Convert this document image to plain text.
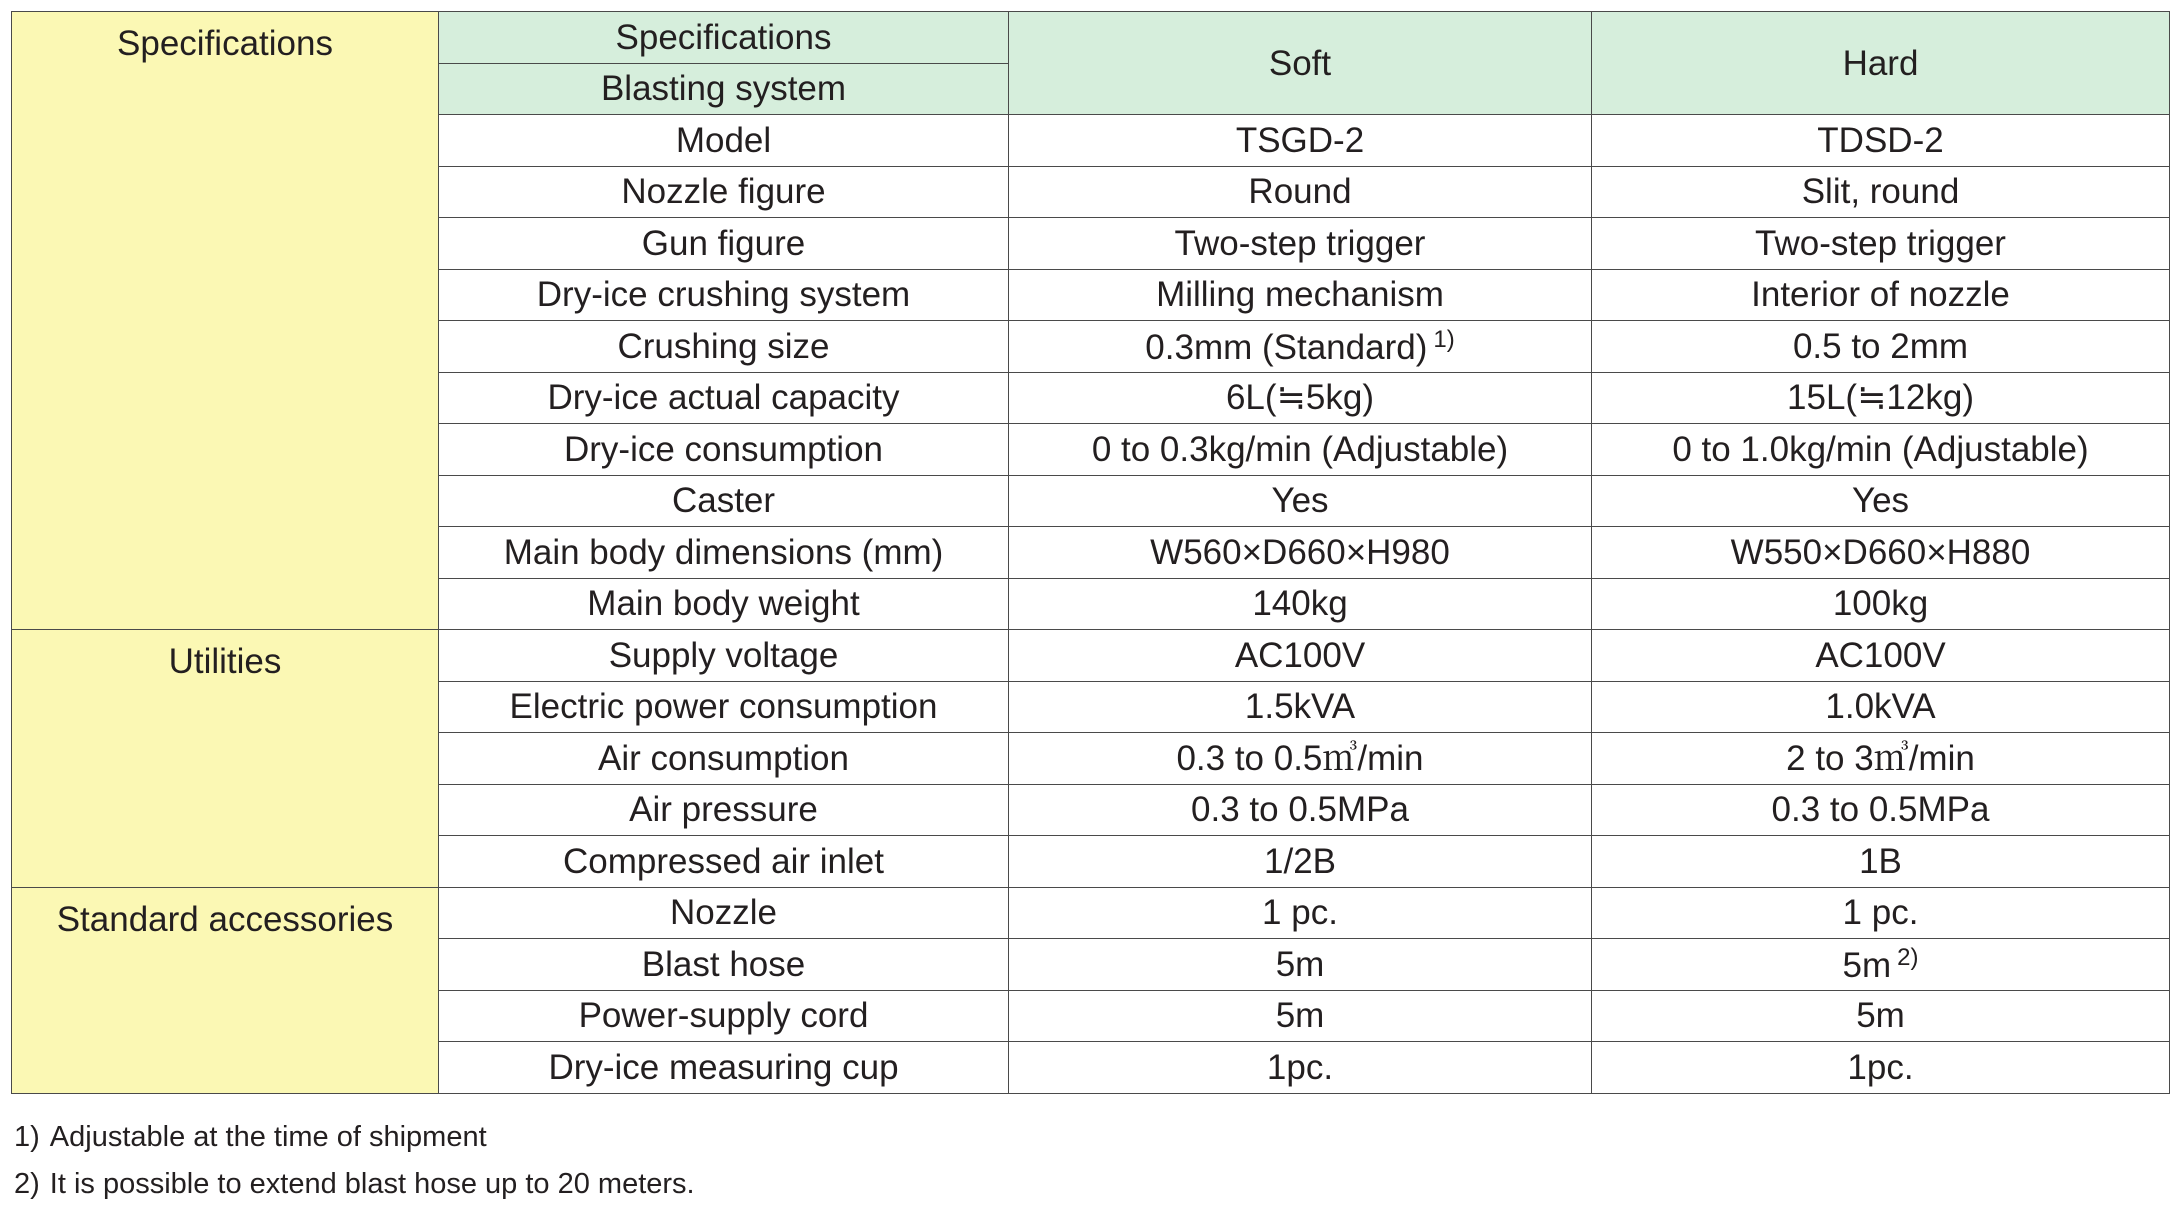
Specifications	Specifications	Soft	Hard
	Blasting system		
	Model	TSGD-2	TDSD-2
	Nozzle figure	Round	Slit, round
	Gun figure	Two-step trigger	Two-step trigger
	Dry-ice crushing system	Milling mechanism	Interior of nozzle
	Crushing size	0.3mm (Standard) $^{1)}$	0.5 to 2mm
	Dry-ice actual capacity	6L(≒5kg)	15L(≒12kg)
	Dry-ice consumption	0 to 0.3kg/min (Adjustable)	0 to 1.0kg/min (Adjustable)
	Caster	Yes	Yes
	Main body dimensions (mm)	W560×D660×H980	W550×D660×H880
	Main body weight	140kg	100kg
Utilities	Supply voltage	AC100V	AC100V
	Electric power consumption	1.5kVA	1.0kVA
	Air consumption	0.3 to 0.5㎥/min	2 to 3㎥/min
	Air pressure	0.3 to 0.5MPa	0.3 to 0.5MPa
	Compressed air inlet	1/2B	1B
Standard accessories	Nozzle	1 pc.	1 pc.
	Blast hose	5m	5m $^{2)}$
	Power-supply cord	5m	5m
	Dry-ice measuring cup	1pc.	1pc.
1) Adjustable at the time of shipment
2) It is possible to extend blast hose up to 20 meters.
